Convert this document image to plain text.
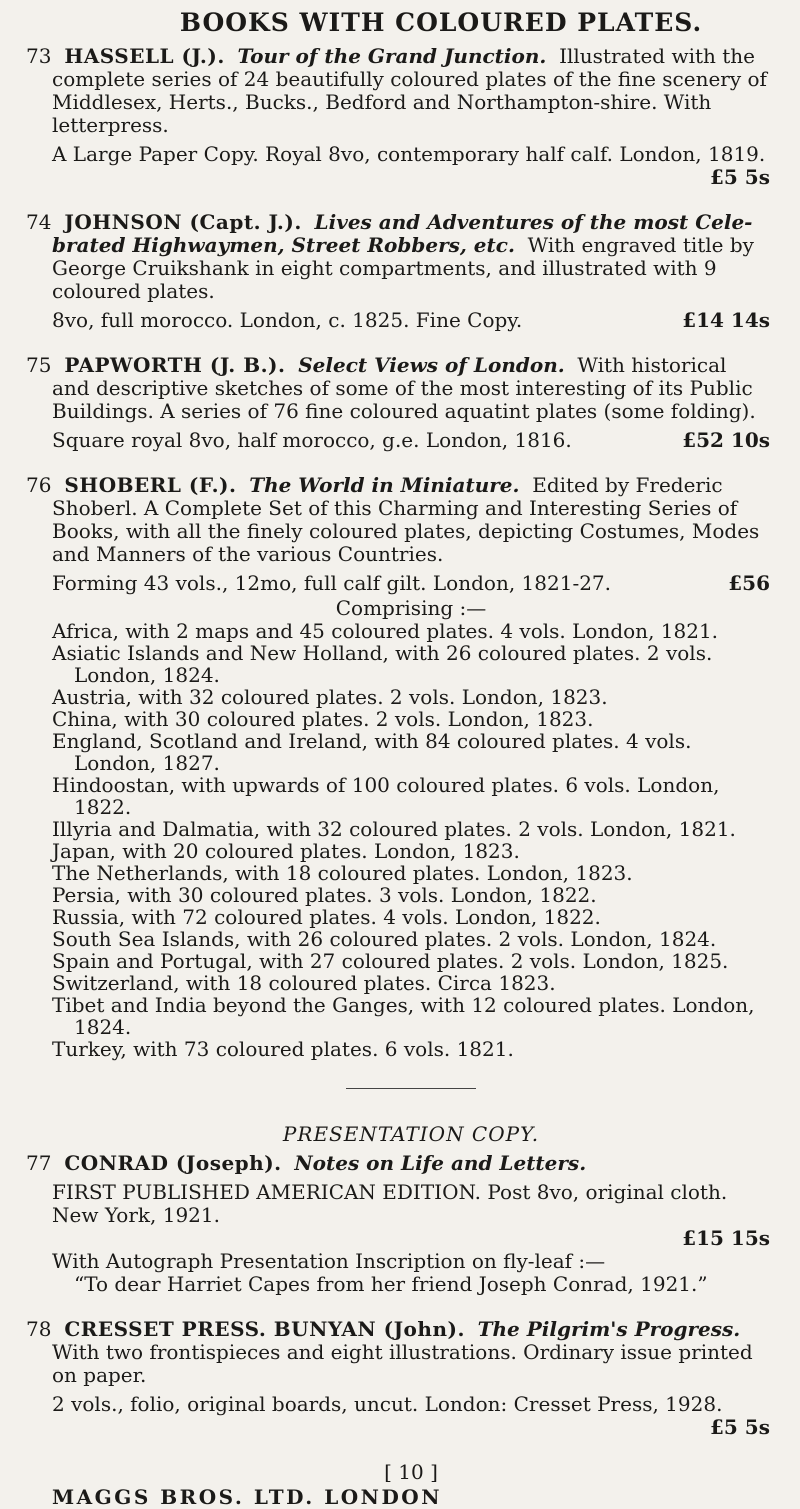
BOOKS WITH COLOURED PLATES.

73 HASSELL (J.). Tour of the Grand Junction. Illustrated with the complete series of 24 beautifully coloured plates of the fine scenery of Middlesex, Herts., Bucks., Bedford and Northampton-shire. With letterpress.

A Large Paper Copy. Royal 8vo, contemporary half calf. London, 1819.

£5 5s

74 JOHNSON (Capt. J.). Lives and Adventures of the most Cele-brated Highwaymen, Street Robbers, etc. With engraved title by George Cruikshank in eight compartments, and illustrated with 9 coloured plates.

8vo, full morocco. London, c. 1825. Fine Copy.	£14 14s

75 PAPWORTH (J. B.). Select Views of London. With historical and descriptive sketches of some of the most interesting of its Public Buildings. A series of 76 fine coloured aquatint plates (some folding).

Square royal 8vo, half morocco, g.e. London, 1816.	£52 10s

76 SHOBERL (F.). The World in Miniature. Edited by Frederic Shoberl. A Complete Set of this Charming and Interesting Series of Books, with all the finely coloured plates, depicting Costumes, Modes and Manners of the various Countries.

Forming 43 vols., 12mo, full calf gilt. London, 1821-27.	£56

Comprising :—

Africa, with 2 maps and 45 coloured plates. 4 vols. London, 1821.

Asiatic Islands and New Holland, with 26 coloured plates. 2 vols. London, 1824.

Austria, with 32 coloured plates. 2 vols. London, 1823.

China, with 30 coloured plates. 2 vols. London, 1823.

England, Scotland and Ireland, with 84 coloured plates. 4 vols. London, 1827.

Hindoostan, with upwards of 100 coloured plates. 6 vols. London, 1822.

Illyria and Dalmatia, with 32 coloured plates. 2 vols. London, 1821.

Japan, with 20 coloured plates. London, 1823.

The Netherlands, with 18 coloured plates. London, 1823.

Persia, with 30 coloured plates. 3 vols. London, 1822.

Russia, with 72 coloured plates. 4 vols. London, 1822.

South Sea Islands, with 26 coloured plates. 2 vols. London, 1824.

Spain and Portugal, with 27 coloured plates. 2 vols. London, 1825.

Switzerland, with 18 coloured plates. Circa 1823.

Tibet and India beyond the Ganges, with 12 coloured plates. London, 1824.

Turkey, with 73 coloured plates. 6 vols. 1821.

PRESENTATION COPY.

77 CONRAD (Joseph). Notes on Life and Letters.

FIRST PUBLISHED AMERICAN EDITION. Post 8vo, original cloth. New York, 1921.

£15 15s

With Autograph Presentation Inscription on fly-leaf :—

“To dear Harriet Capes from her friend Joseph Conrad, 1921.”

78 CRESSET PRESS. BUNYAN (John). The Pilgrim's Progress.  With two frontispieces and eight illustrations. Ordinary issue printed on paper.

2 vols., folio, original boards, uncut. London: Cresset Press, 1928.

£5 5s

[ 10 ]

MAGGS BROS. LTD. LONDON
